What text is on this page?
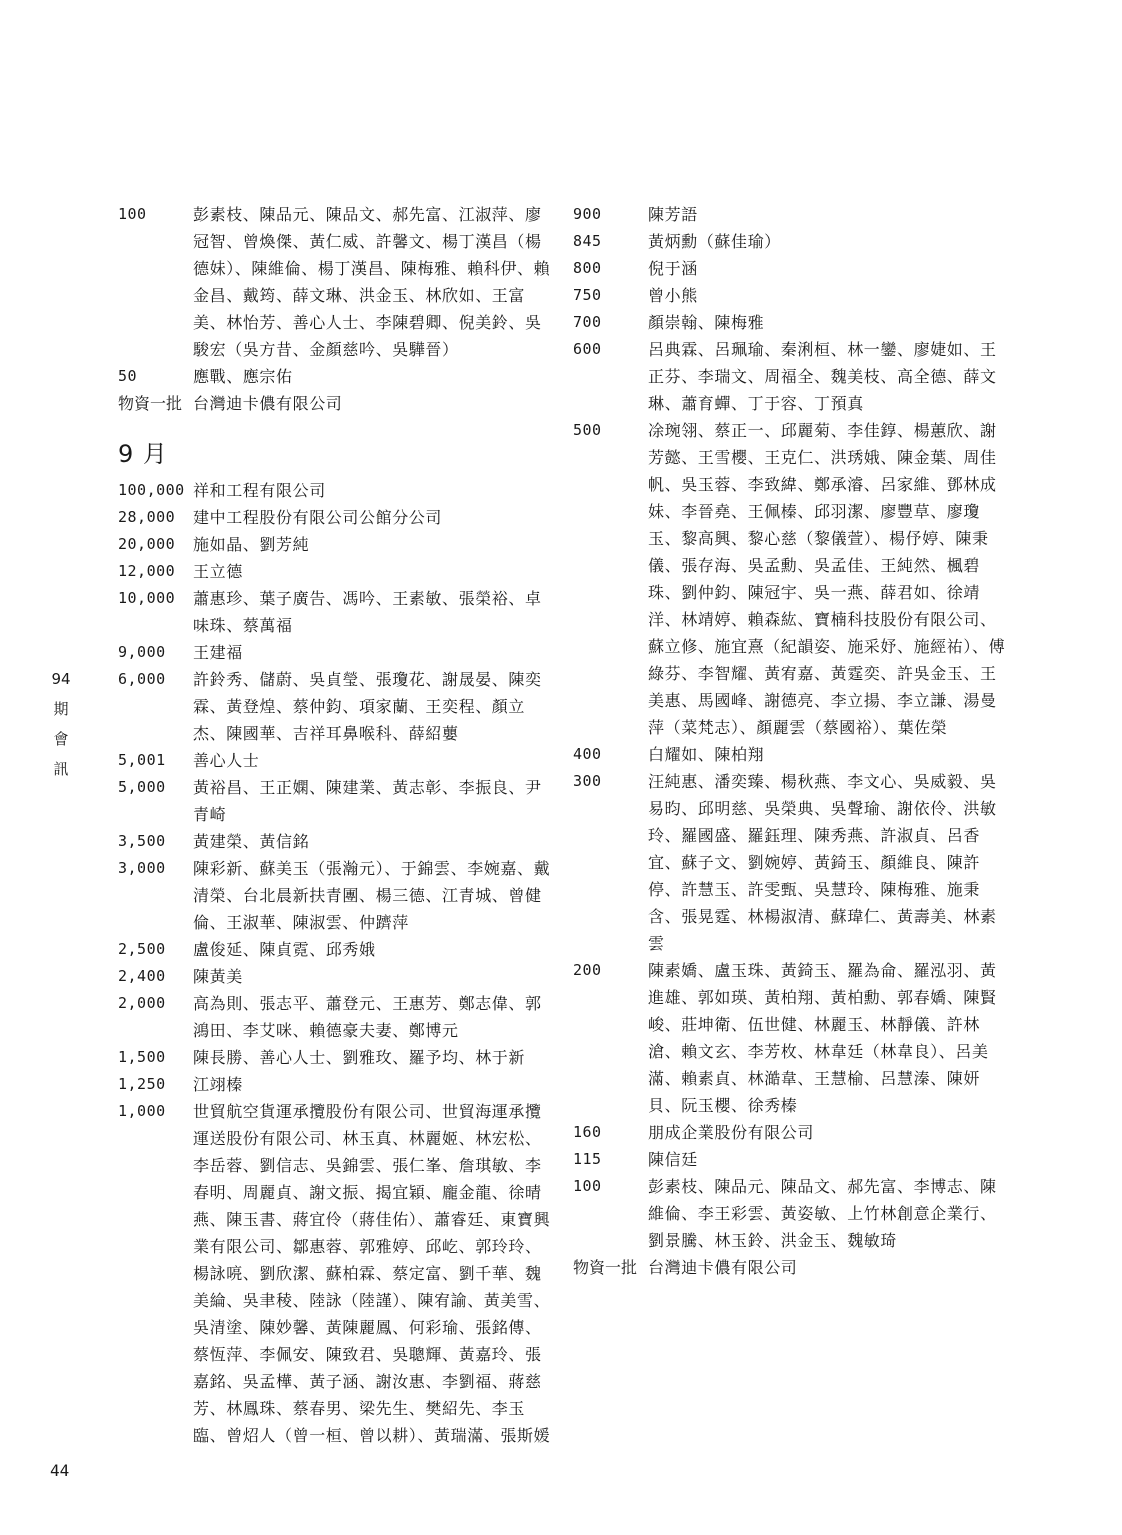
100	彭素枝、陳品元、陳品文、郝先富、江淑萍、廖冠智、曾煥傑、黃仁威、許馨文、楊丁漢昌（楊德妹）、陳維倫、楊丁漢昌、陳梅雅、賴科伊、賴金昌、戴筠、薛文琳、洪金玉、林欣如、王富美、林怡芳、善心人士、李陳碧卿、倪美鈴、吳駿宏（吳方昔、金顏慈吟、吳驊晉）
50	應戰、應宗佑
物資一批 台灣迪卡儂有限公司
9 月
100,000 祥和工程有限公司
28,000	建中工程股份有限公司公館分公司
20,000	施如晶、劉芳純
12,000	王立德
10,000	蕭惠珍、葉子廣告、馮吟、王素敏、張榮裕、卓味珠、蔡萬福
9,000	王建福
6,000	許鈴秀、儲蔚、吳貞瑩、張瓊花、謝晟晏、陳奕霖、黃登煌、蔡仲鈞、項家蘭、王奕程、顏立杰、陳國華、吉祥耳鼻喉科、薛紹蘡
5,001	善心人士
5,000	黃裕昌、王正嫻、陳建業、黃志彰、李振良、尹青崎
3,500	黃建榮、黃信銘
3,000	陳彩新、蘇美玉（張瀚元）、于錦雲、李婉嘉、戴清榮、台北晨新扶青團、楊三德、江青城、曾健倫、王淑華、陳淑雲、仲躋萍
2,500	盧俊延、陳貞霓、邱秀娥
2,400	陳黃美
2,000	高為則、張志平、蕭登元、王惠芳、鄭志偉、郭鴻田、李艾咪、賴德豪夫妻、鄭博元
1,500	陳長勝、善心人士、劉雅玫、羅予均、林于新
1,250	江翊榛
1,000	世貿航空貨運承攬股份有限公司、世貿海運承攬運送股份有限公司、林玉真、林麗姬、林宏松、李岳蓉、劉信志、吳錦雲、張仁峯、詹琪敏、李春明、周麗貞、謝文振、揭宜穎、龐金龍、徐晴燕、陳玉書、蔣宜伶（蔣佳佑）、蕭睿廷、東寶興業有限公司、鄒惠蓉、郭雅婷、邱屹、郭玲玲、楊詠喨、劉欣潔、蘇柏霖、蔡定富、劉千華、魏美綸、吳聿稜、陸詠（陸謹）、陳宥諭、黃美雪、吳清塗、陳妙馨、黃陳麗鳳、何彩瑜、張銘傳、蔡恆萍、李佩安、陳致君、吳聰輝、黃嘉玲、張嘉銘、吳孟樺、黃子涵、謝汝惠、李劉福、蔣慈芳、林鳳珠、蔡春男、梁先生、樊紹先、李玉臨、曾炤人（曾一桓、曾以耕）、黃瑞滿、張斯媛
900	陳芳語
845	黃炳勳（蘇佳瑜）
800	倪于涵
750	曾小熊
700	顏崇翰、陳梅雅
600	呂典霖、呂珮瑜、秦浰桓、林一鑾、廖婕如、王正芬、李瑞文、周福全、魏美枝、高全德、薛文琳、蕭育蟬、丁于容、丁預真
500	凃琬翎、蔡正一、邱麗菊、李佳錞、楊蕙欣、謝芳懿、王雪櫻、王克仁、洪琇娥、陳金葉、周佳帆、吳玉蓉、李致緯、鄭承濬、呂家維、鄧林成妹、李晉堯、王佩榛、邱羽潔、廖豐草、廖瓊玉、黎高興、黎心慈（黎儀萱）、楊伃婷、陳秉儀、張存海、吳孟勳、吳孟佳、王純然、楓碧珠、劉仲鈞、陳冠宇、吳一燕、薛君如、徐靖洋、林靖婷、賴森紘、寶楠科技股份有限公司、蘇立修、施宜熹（紀韻姿、施采妤、施經祐）、傅綠芬、李智耀、黃宥嘉、黃霆奕、許吳金玉、王美惠、馬國峰、謝德亮、李立揚、李立謙、湯曼萍（菜梵志）、顏麗雲（蔡國裕）、葉佐榮
400	白耀如、陳柏翔
300	汪純惠、潘奕臻、楊秋燕、李文心、吳威毅、吳易昀、邱明慈、吳榮典、吳聲瑜、謝依伶、洪敏玲、羅國盛、羅鈺理、陳秀燕、許淑貞、呂香宜、蘇子文、劉婉婷、黃錡玉、顏維良、陳許停、許慧玉、許雯甄、吳慧玲、陳梅雅、施秉含、張晃霆、林楊淑清、蘇瑋仁、黃壽美、林素雲
200	陳素嬌、盧玉珠、黃錡玉、羅為侖、羅泓羽、黃進雄、郭如瑛、黃柏翔、黃柏勳、郭春嬌、陳賢峻、莊坤衛、伍世健、林麗玉、林靜儀、許林滄、賴文玄、李芳枚、林韋廷（林韋良）、呂美滿、賴素貞、林澔韋、王慧榆、呂慧溱、陳妍貝、阮玉櫻、徐秀榛
160	朋成企業股份有限公司
115	陳信廷
100	彭素枝、陳品元、陳品文、郝先富、李博志、陳維倫、李王彩雲、黃姿敏、上竹林創意企業行、劉景騰、林玉鈴、洪金玉、魏敏琦
物資一批 台灣迪卡儂有限公司
94
期
會
訊
44
